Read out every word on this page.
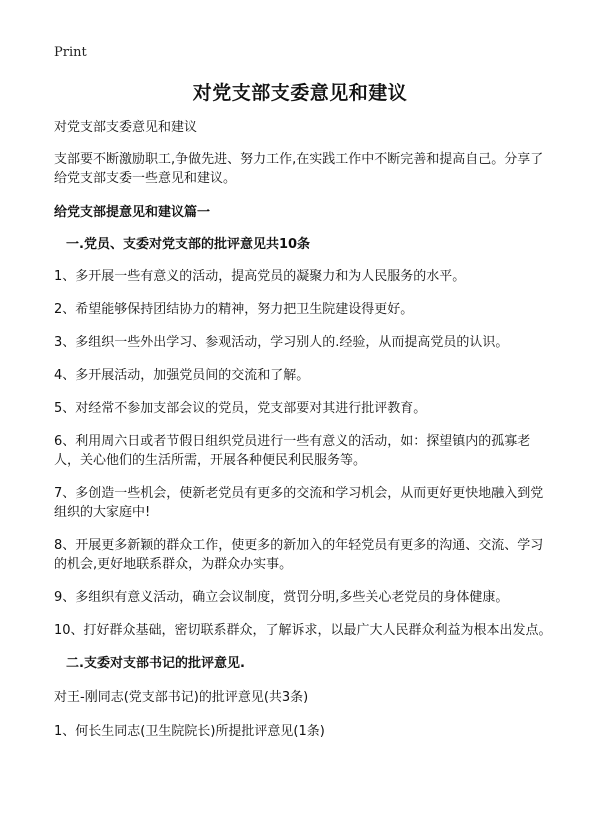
Print
对党支部支委意见和建议

对党支部支委意见和建议

支部要不断激励职工,争做先进、努力工作,在实践工作中不断完善和提高自己。分享了给党支部支委一些意见和建议。

给党支部提意见和建议篇一

一.党员、支委对党支部的批评意见共10条

1、多开展一些有意义的活动，提高党员的凝聚力和为人民服务的水平。
2、希望能够保持团结协力的精神，努力把卫生院建设得更好。
3、多组织一些外出学习、参观活动，学习别人的.经验，从而提高党员的认识。
4、多开展活动，加强党员间的交流和了解。
5、对经常不参加支部会议的党员，党支部要对其进行批评教育。
6、利用周六日或者节假日组织党员进行一些有意义的活动，如：探望镇内的孤寡老人，关心他们的生活所需，开展各种便民利民服务等。
7、多创造一些机会，使新老党员有更多的交流和学习机会，从而更好更快地融入到党组织的大家庭中!
8、开展更多新颖的群众工作，使更多的新加入的年轻党员有更多的沟通、交流、学习的机会,更好地联系群众，为群众办实事。
9、多组织有意义活动，确立会议制度，赏罚分明,多些关心老党员的身体健康。
10、打好群众基础，密切联系群众，了解诉求，以最广大人民群众利益为根本出发点。

二.支委对支部书记的批评意见.

对王-刚同志(党支部书记)的批评意见(共3条)

1、何长生同志(卫生院院长)所提批评意见(1条)
